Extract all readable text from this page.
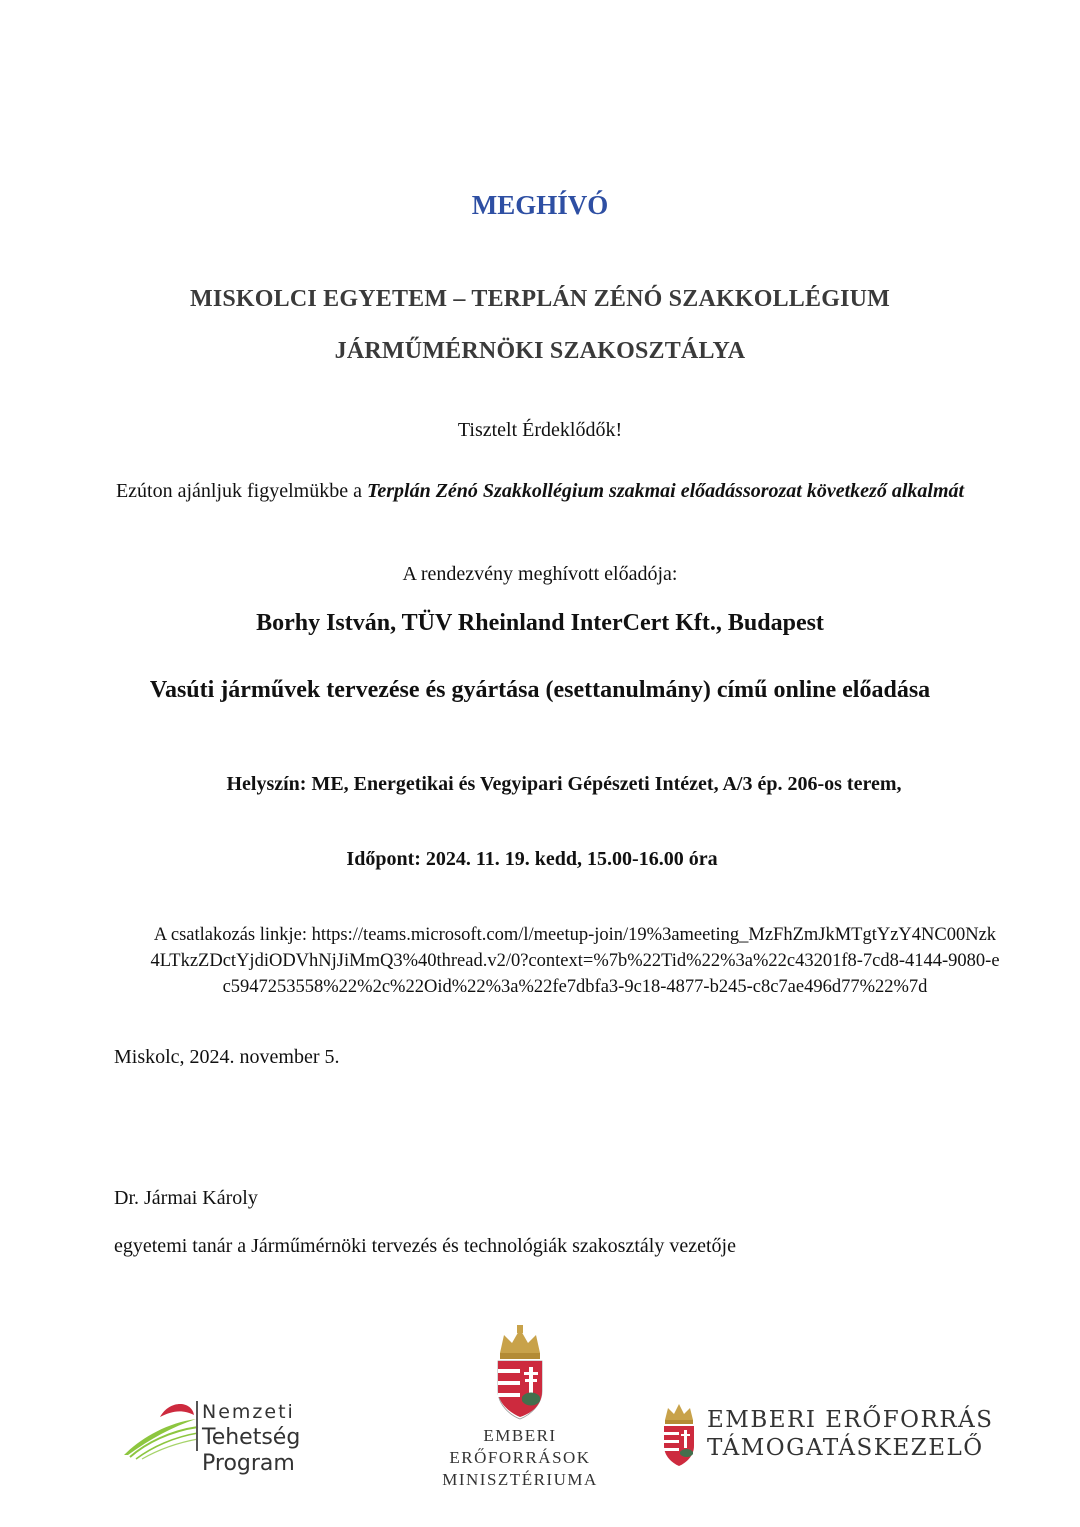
MEGHÍVÓ
MISKOLCI EGYETEM – TERPLÁN ZÉNÓ SZAKKOLLÉGIUM
JÁRMŰMÉRNÖKI SZAKOSZTÁLYA
Tisztelt Érdeklődők!
Ezúton ajánljuk figyelmükbe a Terplán Zénó Szakkollégium szakmai előadássorozat következő alkalmát
A rendezvény meghívott előadója:
Borhy István, TÜV Rheinland InterCert Kft., Budapest
Vasúti járművek tervezése és gyártása (esettanulmány) című online előadása
Helyszín: ME, Energetikai és Vegyipari Gépészeti Intézet, A/3 ép. 206-os terem,
Időpont: 2024. 11. 19. kedd, 15.00-16.00 óra
A csatlakozás linkje: https://teams.microsoft.com/l/meetup-join/19%3ameeting_MzFhZmJkMTgtYzY4NC00Nzk4LTkzZDctYjdiODVhNjJiMmQ3%40thread.v2/0?context=%7b%22Tid%22%3a%22c43201f8-7cd8-4144-9080-ec5947253558%22%2c%22Oid%22%3a%22fe7dbfa3-9c18-4877-b245-c8c7ae496d77%22%7d
Miskolc, 2024. november 5.
Dr. Jármai Károly
egyetemi tanár a Járműmérnöki tervezés és technológiák szakosztály vezetője
Nemzeti
Tehetség Program
EMBERI ERŐFORRÁSOK
MINISZTÉRIUMA
EMBERI ERŐFORRÁS
TÁMOGATÁSKEZELŐ
